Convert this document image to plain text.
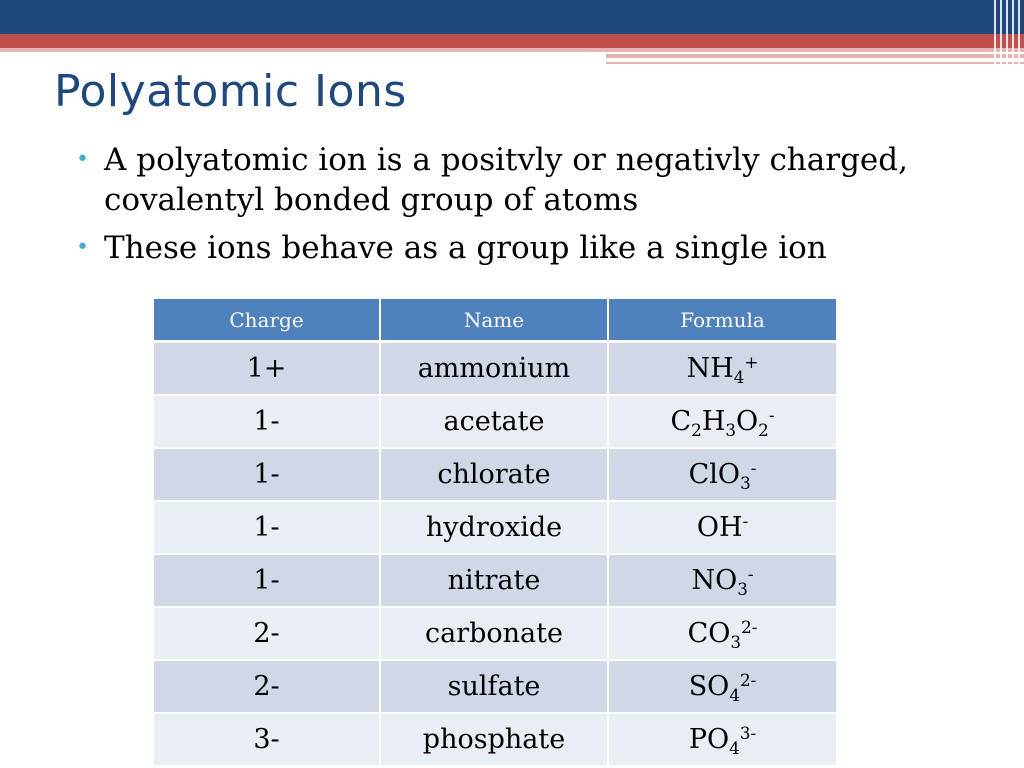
Polyatomic Ions
• A polyatomic ion is a positvly or negativly charged, covalentyl bonded group of atoms
• These ions behave as a group like a single ion
Charge	Name	Formula
1+	ammonium	$NH_4^+$
1-	acetate	$C_2H_3O_2^-$
1-	chlorate	ClO$_3$-
1-	hydroxide	OH-
1-	nitrate	$NO_3^-$
2-	carbonate	$CO_3^{2-}$
2-	sulfate	$SO_4^{2-}$
3-	phosphate	$PO_4^{3-}$
